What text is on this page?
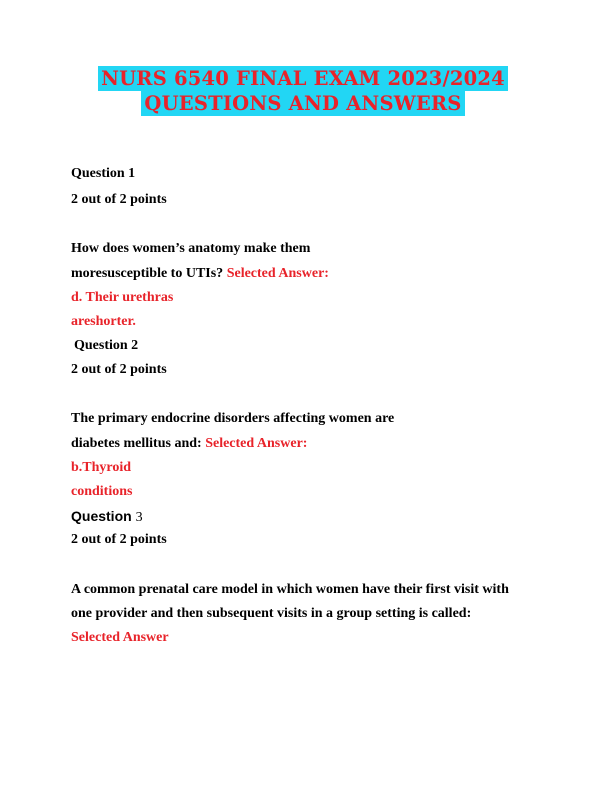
NURS 6540 FINAL EXAM 2023/2024
QUESTIONS AND ANSWERS
Question 1
2 out of 2 points
How does women’s anatomy make them
moresusceptible to UTIs? Selected Answer:
d. Their urethras
areshorter.
Question 2
2 out of 2 points
The primary endocrine disorders affecting women are
diabetes mellitus and: Selected Answer:
b.Thyroid
conditions
Question 3
2 out of 2 points
A common prenatal care model in which women have their first visit with
one provider and then subsequent visits in a group setting is called:
Selected Answer
